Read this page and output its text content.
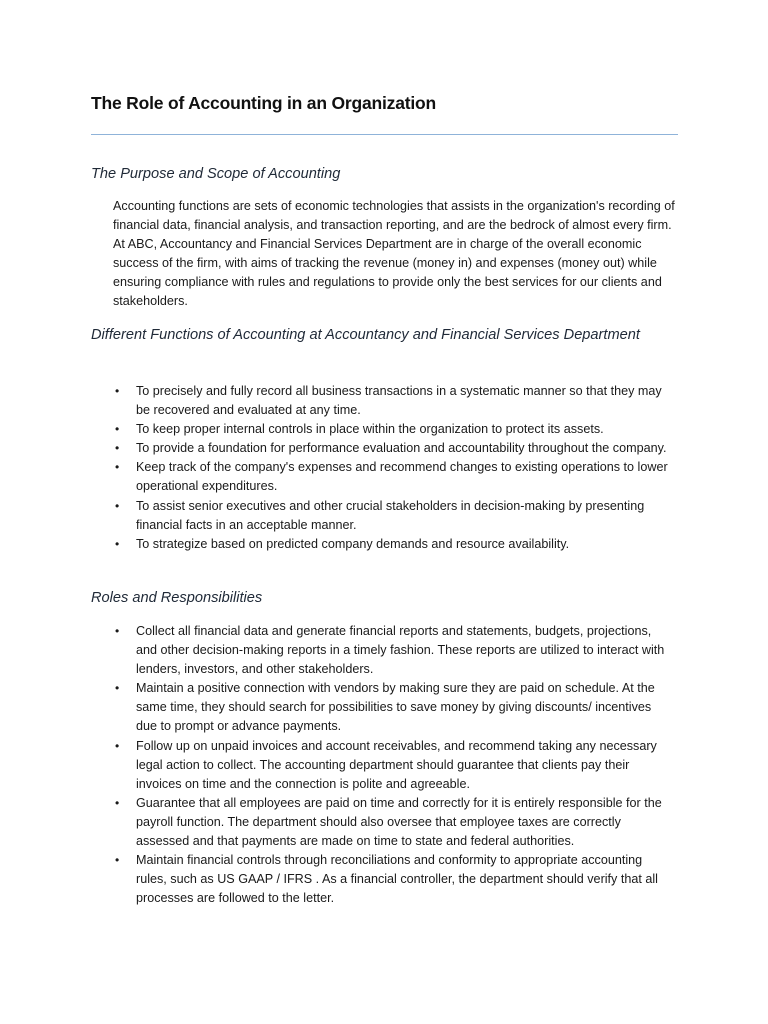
The Role of Accounting in an Organization
The Purpose and Scope of Accounting

Accounting functions are sets of economic technologies that assists in the organization's recording of financial data, financial analysis, and transaction reporting, and are the bedrock of almost every firm. At ABC, Accountancy and Financial Services Department are in charge of the overall economic success of the firm, with aims of tracking the revenue (money in) and expenses (money out) while ensuring compliance with rules and regulations to provide only the best services for our clients and stakeholders.

Different Functions of Accounting at Accountancy and Financial Services Department
• To precisely and fully record all business transactions in a systematic manner so that they may be recovered and evaluated at any time.
• To keep proper internal controls in place within the organization to protect its assets.
• To provide a foundation for performance evaluation and accountability throughout the company.
• Keep track of the company's expenses and recommend changes to existing operations to lower operational expenditures.
• To assist senior executives and other crucial stakeholders in decision-making by presenting financial facts in an acceptable manner.
• To strategize based on predicted company demands and resource availability.
Roles and Responsibilities
• Collect all financial data and generate financial reports and statements, budgets, projections, and other decision-making reports in a timely fashion. These reports are utilized to interact with lenders, investors, and other stakeholders.
• Maintain a positive connection with vendors by making sure they are paid on schedule. At the same time, they should search for possibilities to save money by giving discounts/ incentives due to prompt or advance payments.
• Follow up on unpaid invoices and account receivables, and recommend taking any necessary legal action to collect. The accounting department should guarantee that clients pay their invoices on time and the connection is polite and agreeable.
• Guarantee that all employees are paid on time and correctly for it is entirely responsible for the payroll function. The department should also oversee that employee taxes are correctly assessed and that payments are made on time to state and federal authorities.
• Maintain financial controls through reconciliations and conformity to appropriate accounting rules, such as US GAAP / IFRS . As a financial controller, the department should verify that all processes are followed to the letter.
